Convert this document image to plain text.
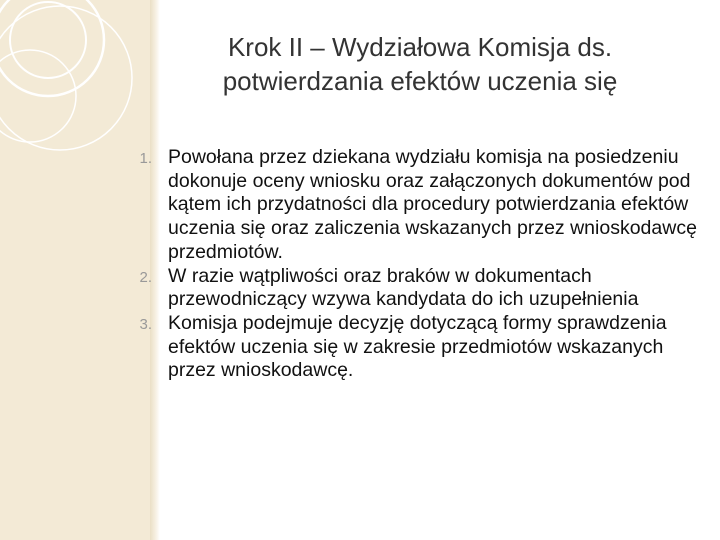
Krok II – Wydziałowa Komisja ds.
potwierdzania efektów uczenia się
1. Powołana przez dziekana wydziału komisja na posiedzeniu dokonuje oceny wniosku oraz załączonych dokumentów pod kątem ich przydatności dla procedury potwierdzania efektów uczenia się oraz zaliczenia wskazanych przez wnioskodawcę przedmiotów.
2. W razie wątpliwości oraz braków w dokumentach przewodniczący wzywa kandydata do ich uzupełnienia
3. Komisja podejmuje decyzję dotyczącą formy sprawdzenia efektów uczenia się w zakresie przedmiotów wskazanych przez wnioskodawcę.
